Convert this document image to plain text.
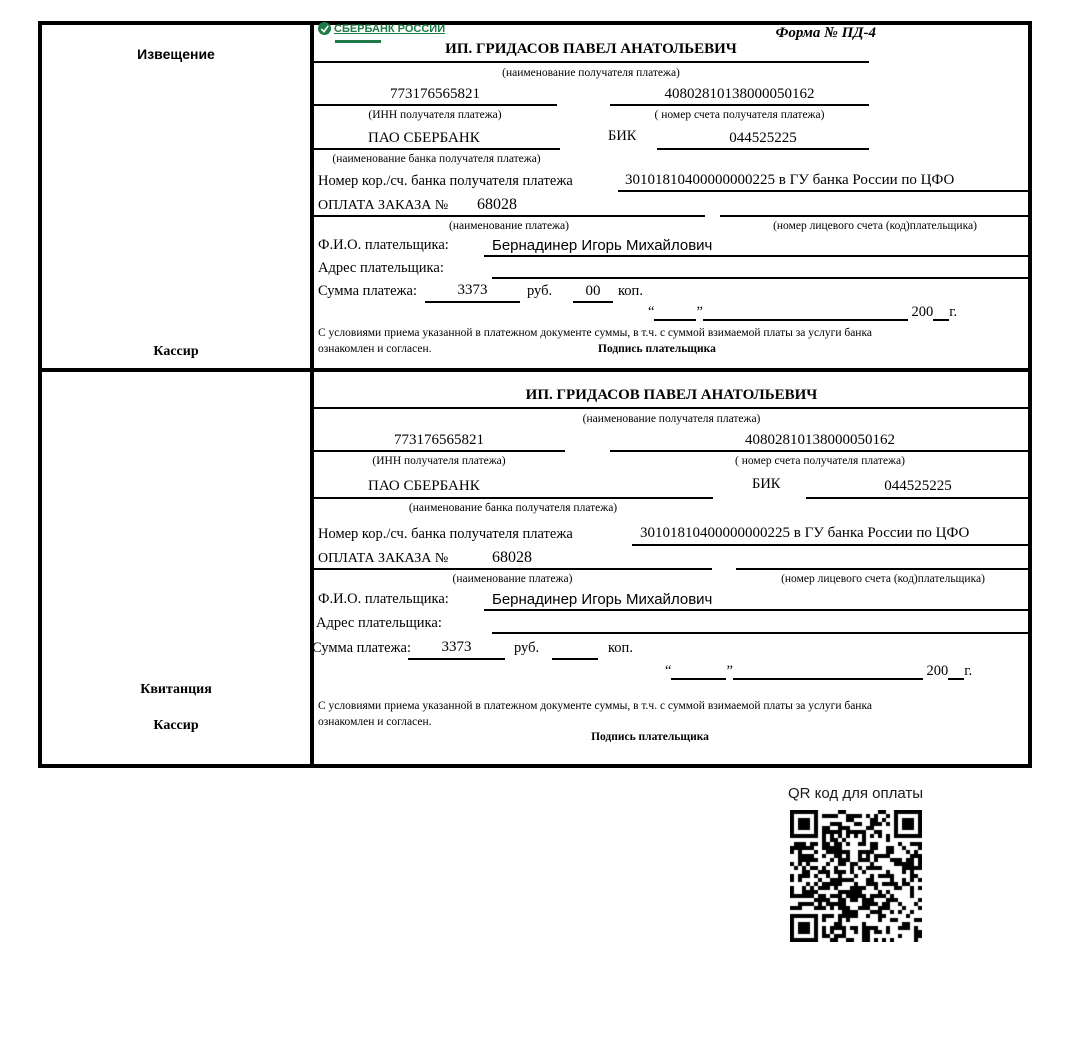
Извещение
Кассир
Квитанция
Кассир
СБЕРБАНК РОССИИ	Форма № ПД-4
ИП. ГРИДАСОВ ПАВЕЛ АНАТОЛЬЕВИЧ
(наименование получателя платежа)
773176565821	40802810138000050162
(ИНН получателя платежа)	( номер счета получателя платежа)
ПАО СБЕРБАНК	БИК	044525225
(наименование банка получателя платежа)
Номер кор./сч. банка получателя платежа	30101810400000000225 в ГУ банка России по ЦФО
ОПЛАТА ЗАКАЗА № 68028
(наименование платежа)	(номер лицевого счета (код)плательщика)
Ф.И.О. плательщика:	Бернадинер Игорь Михайлович
Адрес плательщика:
Сумма платежа:	3373	руб.	00	коп.
“	”	200 г.
С условиями приема указанной в платежном документе суммы, в т.ч. с суммой взимаемой платы за услуги банка
ознакомлен и согласен.	Подпись плательщика
ИП. ГРИДАСОВ ПАВЕЛ АНАТОЛЬЕВИЧ
(наименование получателя платежа)
773176565821	40802810138000050162
(ИНН получателя платежа)	( номер счета получателя платежа)
ПАО СБЕРБАНК	БИК	044525225
(наименование банка получателя платежа)
Номер кор./сч. банка получателя платежа	30101810400000000225 в ГУ банка России по ЦФО
ОПЛАТА ЗАКАЗА №	68028
(наименование платежа)	(номер лицевого счета (код)плательщика)
Ф.И.О. плательщика:	Бернадинер Игорь Михайлович
Адрес плательщика:
Сумма платежа:	3373	руб.	коп.
“	”	200 г.
С условиями приема указанной в платежном документе суммы, в т.ч. с суммой взимаемой платы за услуги банка
ознакомлен и согласен.
Подпись плательщика
QR код для оплаты
